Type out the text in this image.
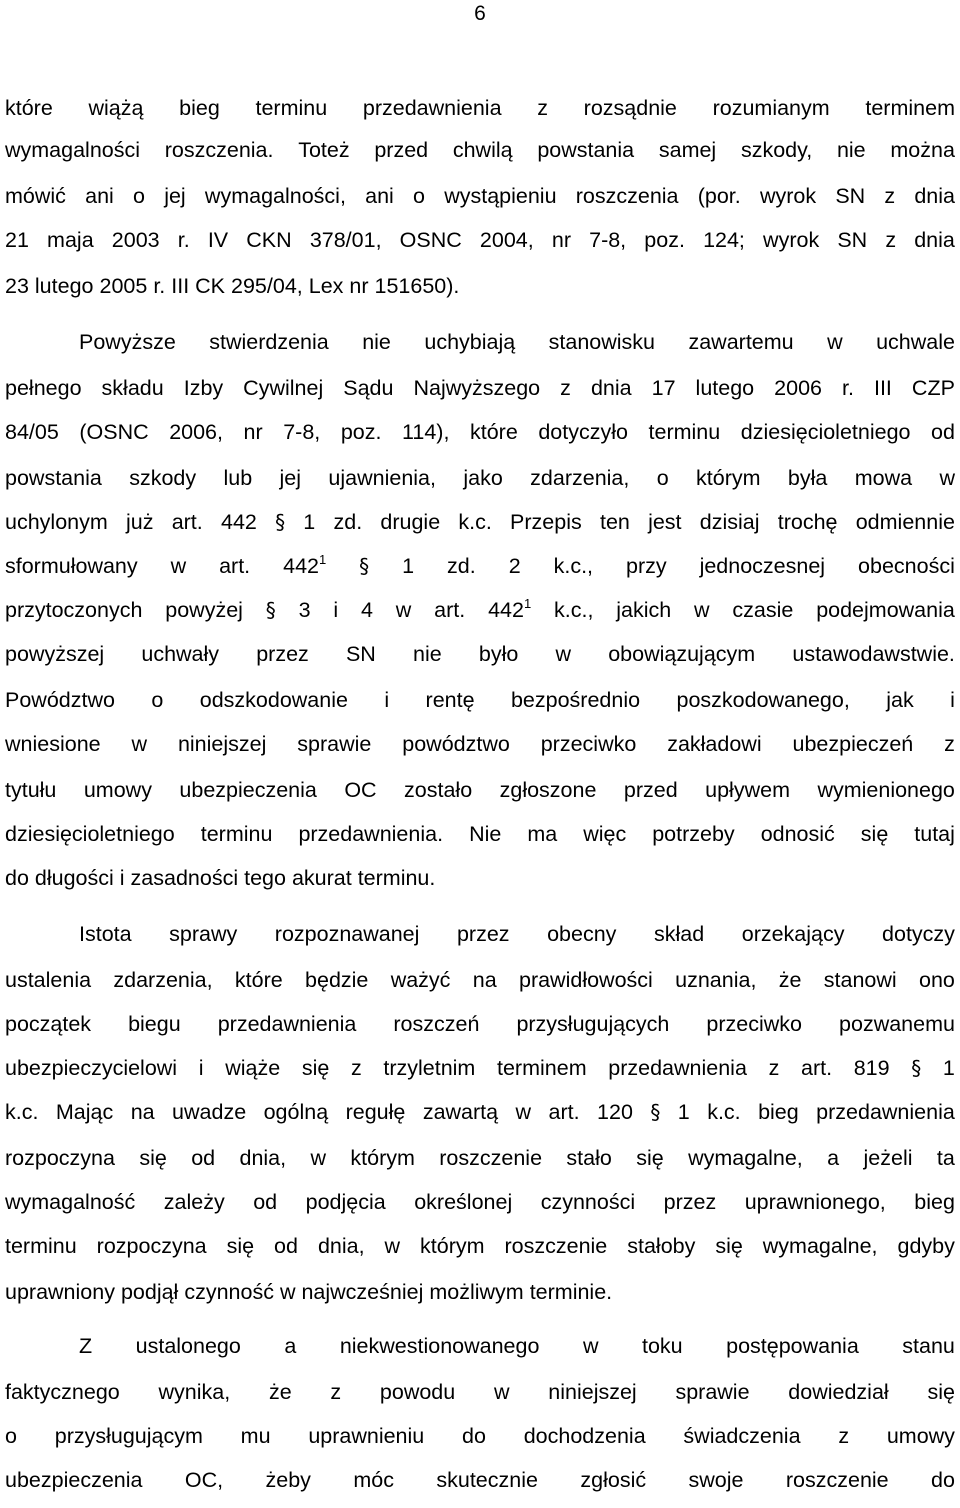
6
które wiążą bieg terminu przedawnienia z rozsądnie rozumianym terminem
wymagalności roszczenia. Toteż przed chwilą powstania samej szkody, nie można
mówić ani o jej wymagalności, ani o wystąpieniu roszczenia (por. wyrok SN z dnia
21 maja 2003 r. IV CKN 378/01, OSNC 2004, nr 7-8, poz. 124; wyrok SN z dnia
23 lutego 2005 r. III CK 295/04, Lex nr 151650).
Powyższe stwierdzenia nie uchybiają stanowisku zawartemu w uchwale
pełnego składu Izby Cywilnej Sądu Najwyższego z dnia 17 lutego 2006 r. III CZP
84/05 (OSNC 2006, nr 7-8, poz. 114), które dotyczyło terminu dziesięcioletniego od
powstania szkody lub jej ujawnienia, jako zdarzenia, o którym była mowa w
uchylonym już art. 442 § 1 zd. drugie k.c. Przepis ten jest dzisiaj trochę odmiennie
sformułowany w art. $442^1$ § 1 zd. 2 k.c., przy jednoczesnej obecności
przytoczonych powyżej § 3 i 4 w art. $442^1$ k.c., jakich w czasie podejmowania
powyższej uchwały przez SN nie było w obowiązującym ustawodawstwie.
Powództwo o odszkodowanie i rentę bezpośrednio poszkodowanego, jak i
wniesione w niniejszej sprawie powództwo przeciwko zakładowi ubezpieczeń z
tytułu umowy ubezpieczenia OC zostało zgłoszone przed upływem wymienionego
dziesięcioletniego terminu przedawnienia. Nie ma więc potrzeby odnosić się tutaj
do długości i zasadności tego akurat terminu.
Istota sprawy rozpoznawanej przez obecny skład orzekający dotyczy
ustalenia zdarzenia, które będzie ważyć na prawidłowości uznania, że stanowi ono
początek biegu przedawnienia roszczeń przysługujących przeciwko pozwanemu
ubezpieczycielowi i wiąże się z trzyletnim terminem przedawnienia z art. 819 § 1
k.c. Mając na uwadze ogólną regułę zawartą w art. 120 § 1 k.c. bieg przedawnienia
rozpoczyna się od dnia, w którym roszczenie stało się wymagalne, a jeżeli ta
wymagalność zależy od podjęcia określonej czynności przez uprawnionego, bieg
terminu rozpoczyna się od dnia, w którym roszczenie stałoby się wymagalne, gdyby
uprawniony podjął czynność w najwcześniej możliwym terminie.
Z ustalonego a niekwestionowanego w toku postępowania stanu
faktycznego wynika, że z powodu w niniejszej sprawie dowiedział się
o przysługującym mu uprawnieniu do dochodzenia świadczenia z umowy
ubezpieczenia OC, żeby móc skutecznie zgłosić swoje roszczenie do
